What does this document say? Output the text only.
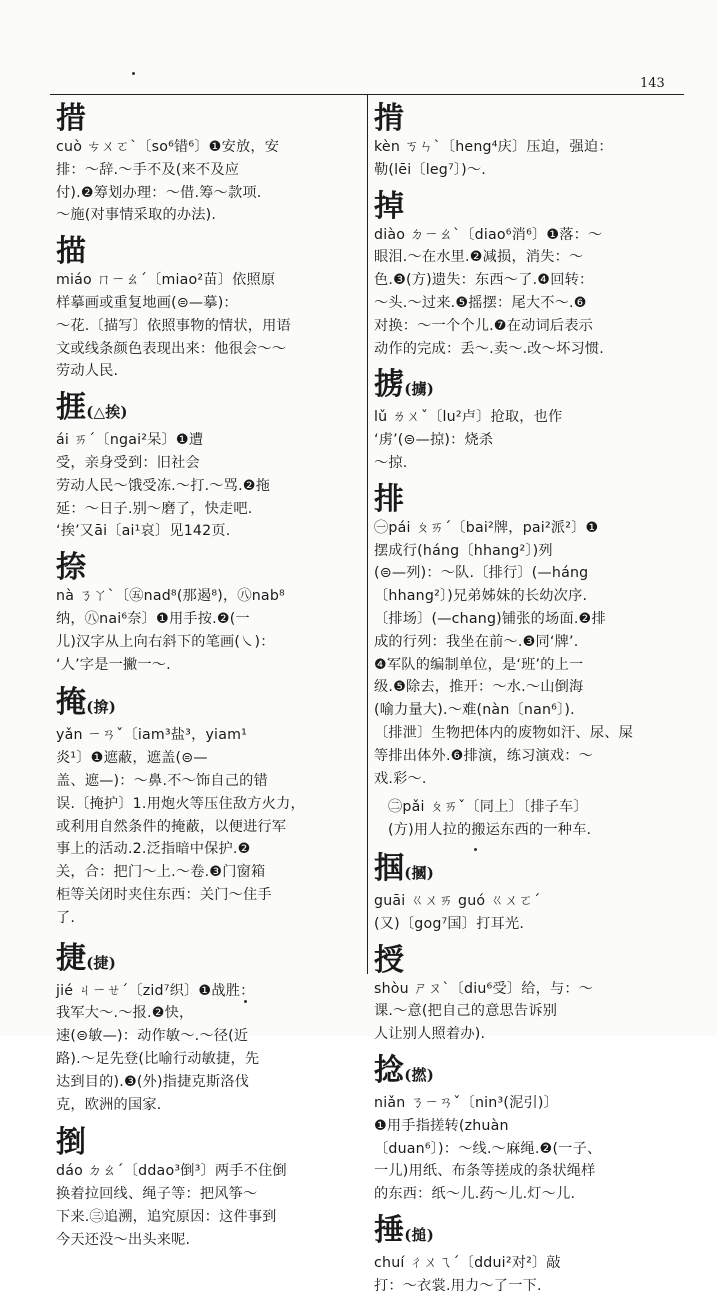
143
措
cuò ㄘㄨㄛˋ〔so⁶错⁶〕❶安放，安排：～辞.～手不及(来不及应付).❷筹划办理：～借.筹～款项.～施(对事情采取的办法).
描
miáo ㄇㄧㄠˊ〔miao²苗〕依照原样摹画或重复地画(⊜—摹)：～花.〔描写〕依照事物的情状，用语文或线条颜色表现出来：他很会～～劳动人民.
捱(△挨)
ái ㄞˊ〔ngai²呆〕❶遭受，亲身受到：旧社会劳动人民～饿受冻.～打.～骂.❷拖延：～日子.别～磨了，快走吧.‘挨’又āi〔ai¹哀〕见142页.
捺
nà ㄋㄚˋ〔㊄nad⁸(那遏⁸)，㊇nab⁸纳，㊇nai⁶奈〕❶用手按.❷(一儿)汉字从上向右斜下的笔画(㇏)：‘人’字是一撇一～.
掩(揜)
yǎn ㄧㄢˇ〔iam³盐³，yiam¹炎¹〕❶遮蔽，遮盖(⊜—盖、遮—)：～鼻.不～饰自己的错误.〔掩护〕1.用炮火等压住敌方火力，或利用自然条件的掩蔽，以便进行军事上的活动.2.泛指暗中保护.❷关，合：把门～上.～卷.❸门窗箱柜等关闭时夹住东西：关门～住手了.
捷(捷)
jié ㄐㄧㄝˊ〔zid⁷织〕❶战胜：我军大～.～报.❷快，速(⊜敏—)：动作敏～.～径(近路).～足先登(比喻行动敏捷，先达到目的).❸(外)指捷克斯洛伐克，欧洲的国家.
捯
dáo ㄉㄠˊ〔ddao³倒³〕两手不住倒换着拉回线、绳子等：把风筝～下来.㊂追溯，追究原因：这件事到今天还没～出头来呢.
掯
kèn ㄎㄣˋ〔heng⁴庆〕压迫，强迫：勒(lēi〔leg⁷〕)～.
掉
diào ㄉㄧㄠˋ〔diao⁶消⁶〕❶落：～眼泪.～在水里.❷减损，消失：～色.❸(方)遗失：东西～了.❹回转：～头.～过来.❺摇摆：尾大不～.❻对换：～一个个儿.❼在动词后表示动作的完成：丢～.卖～.改～坏习惯.
掳(擄)
lǔ ㄌㄨˇ〔lu²卢〕抢取，也作‘虏’(⊜—掠)：烧杀～掠.
排
㊀pái ㄆㄞˊ〔bai²牌，pai²派²〕❶摆成行(háng〔hhang²〕)列(⊜—列)：～队.〔排行〕(—háng〔hhang²〕)兄弟姊妹的长幼次序.〔排场〕(—chang)铺张的场面.❷排成的行列：我坐在前～.❸同‘牌’.❹军队的编制单位，是‘班’的上一级.❺除去，推开：～水.～山倒海(喻力量大).～难(nàn〔nan⁶〕).〔排泄〕生物把体内的废物如汗、尿、屎等排出体外.❻排演，练习演戏：～戏.彩～.
㊁pǎi ㄆㄞˇ〔同上〕〔排子车〕(方)用人拉的搬运东西的一种车.
掴(摑)
guāi ㄍㄨㄞ guó ㄍㄨㄛˊ(又)〔gog⁷国〕打耳光.
授
shòu ㄕㄡˋ〔diu⁶受〕给，与：～课.～意(把自己的意思告诉别人让别人照着办).
捻(撚)
niǎn ㄋㄧㄢˇ〔nin³(泥引)〕❶用手指搓转(zhuàn〔duan⁶〕)：～线.～麻绳.❷(一子、一儿)用纸、布条等搓成的条状绳样的东西：纸～儿.药～儿.灯～儿.
捶(搥)
chuí ㄔㄨㄟˊ〔ddui²对²〕敲打：～衣裳.用力～了一下.
